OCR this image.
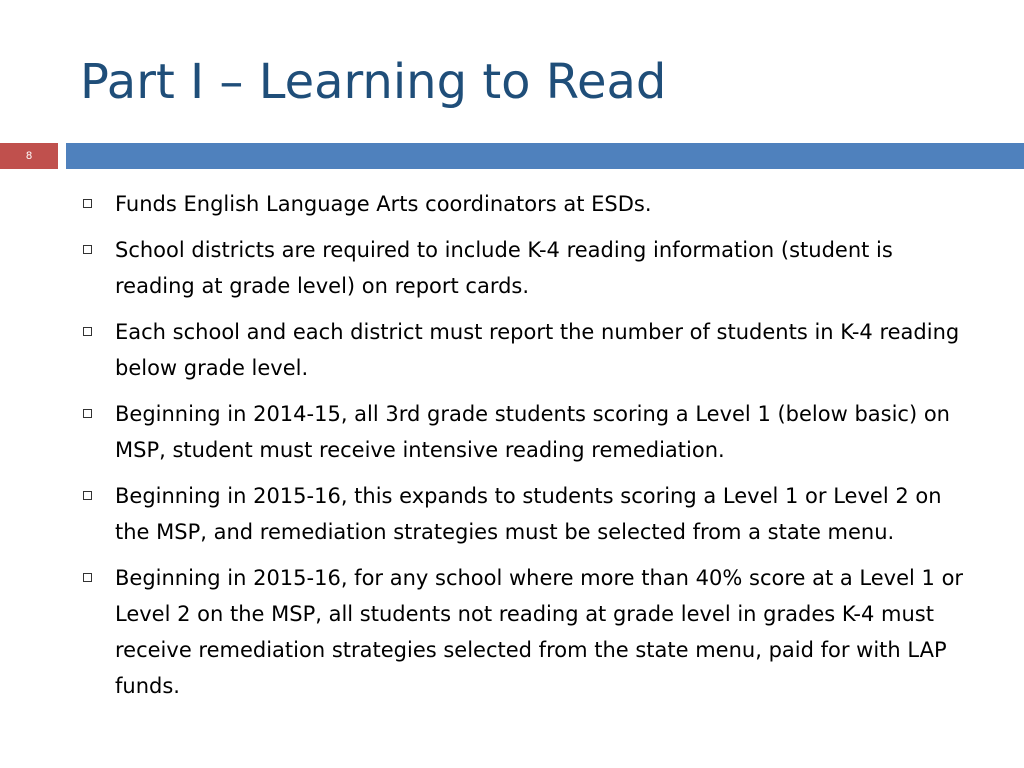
Part I – Learning to Read
8
Funds English Language Arts coordinators at ESDs.
School districts are required to include K-4 reading information (student is reading at grade level) on report cards.
Each school and each district must report the number of students in K-4 reading below grade level.
Beginning in 2014-15, all 3rd grade students scoring a Level 1 (below basic) on MSP, student must receive intensive reading remediation.
Beginning in 2015-16, this expands to students scoring a Level 1 or Level 2 on the MSP, and remediation strategies must be selected from a state menu.
Beginning in 2015-16, for any school where more than 40% score at a Level 1 or Level 2 on the MSP, all students not reading at grade level in grades K-4 must receive remediation strategies selected from the state menu, paid for with LAP funds.
